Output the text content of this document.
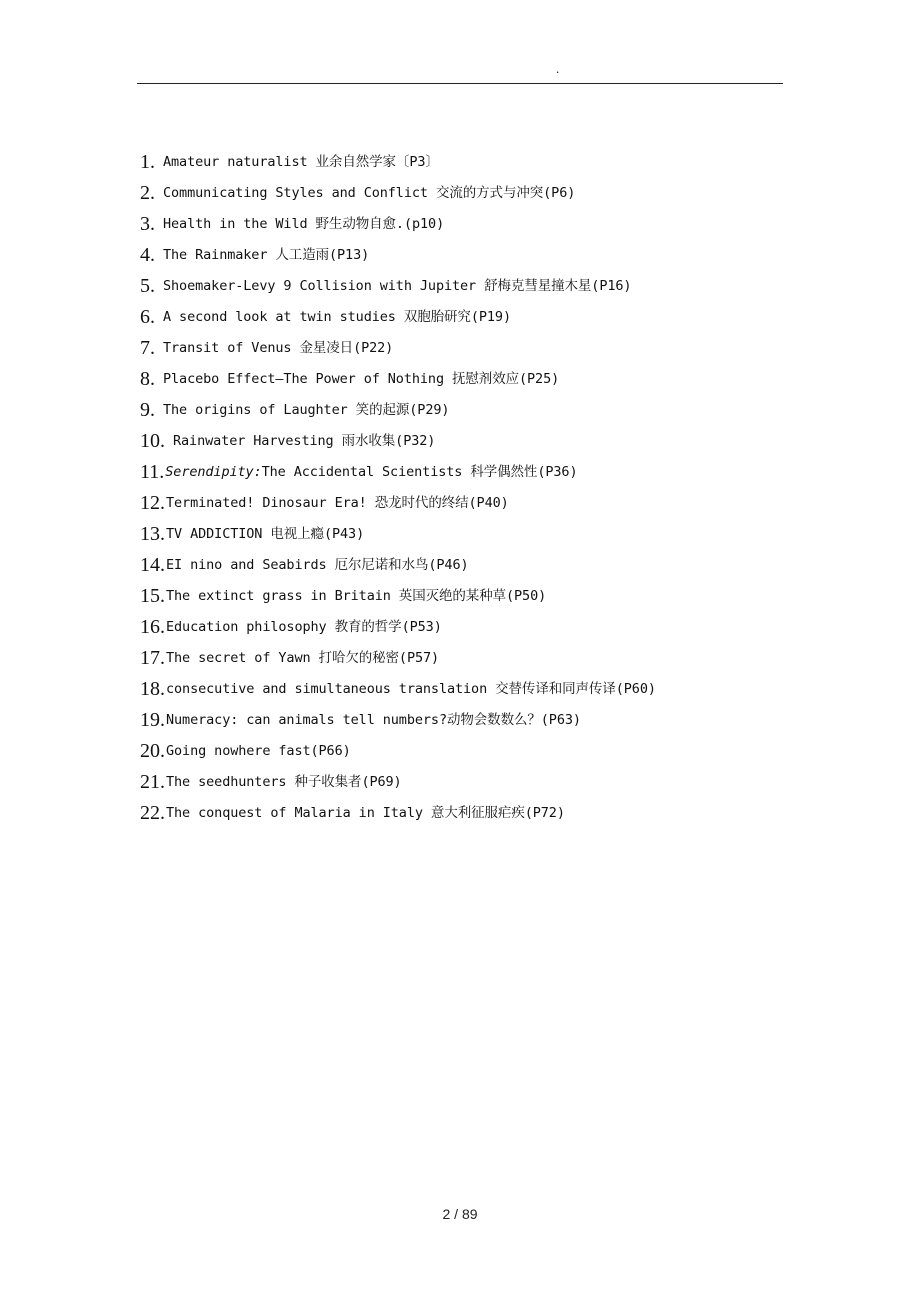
.
1. Amateur naturalist 业余自然学家〔P3〕
2. Communicating Styles and Conflict 交流的方式与冲突(P6)
3. Health in the Wild 野生动物自愈.(p10)
4. The Rainmaker 人工造雨(P13)
5. Shoemaker-Levy 9 Collision with Jupiter 舒梅克彗星撞木星(P16)
6. A second look at twin studies 双胞胎研究(P19)
7. Transit of Venus 金星凌日(P22)
8. Placebo Effect—The Power of Nothing 抚慰剂效应(P25)
9. The origins of Laughter 笑的起源(P29)
10. Rainwater Harvesting 雨水收集(P32)
11. Serendipity: The Accidental Scientists 科学偶然性(P36)
12. Terminated! Dinosaur Era! 恐龙时代的终结(P40)
13. TV ADDICTION 电视上瘾(P43)
14. EI nino and Seabirds 厄尔尼诺和水鸟(P46)
15. The extinct grass in Britain 英国灭绝的某种草(P50)
16. Education philosophy 教育的哲学(P53)
17. The secret of Yawn 打哈欠的秘密(P57)
18. consecutive and simultaneous translation 交替传译和同声传译(P60)
19. Numeracy: can animals tell numbers?动物会数数么？(P63)
20. Going nowhere fast(P66)
21. The seedhunters 种子收集者(P69)
22. The conquest of Malaria in Italy 意大利征服疟疾(P72)
2 / 89
